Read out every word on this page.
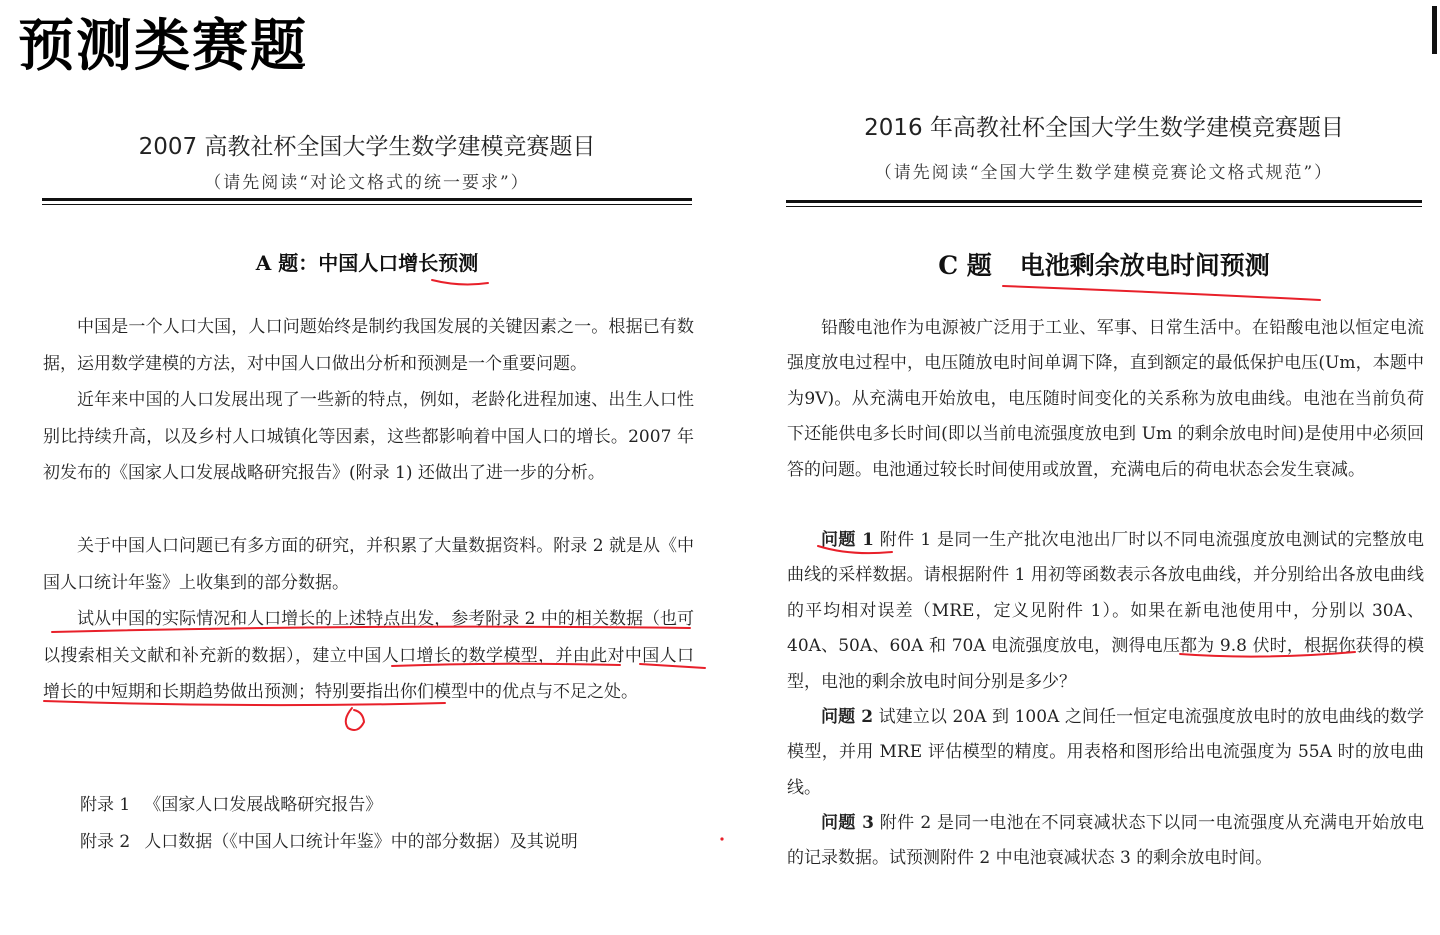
预测类赛题
2007 高教社杯全国大学生数学建模竞赛题目
（请先阅读“对论文格式的统一要求”）
A 题：中国人口增长预测

中国是一个人口大国，人口问题始终是制约我国发展的关键因素之一。根据已有数据，运用数学建模的方法，对中国人口做出分析和预测是一个重要问题。

近年来中国的人口发展出现了一些新的特点，例如，老龄化进程加速、出生人口性别比持续升高，以及乡村人口城镇化等因素，这些都影响着中国人口的增长。2007 年初发布的《国家人口发展战略研究报告》(附录 1) 还做出了进一步的分析。

关于中国人口问题已有多方面的研究，并积累了大量数据资料。附录 2 就是从《中国人口统计年鉴》上收集到的部分数据。

试从中国的实际情况和人口增长的上述特点出发，参考附录 2 中的相关数据（也可以搜索相关文献和补充新的数据），建立中国人口增长的数学模型，并由此对中国人口增长的中短期和长期趋势做出预测；特别要指出你们模型中的优点与不足之处。

附录 1 《国家人口发展战略研究报告》
附录 2 人口数据（《中国人口统计年鉴》中的部分数据）及其说明
2016 年高教社杯全国大学生数学建模竞赛题目
（请先阅读“全国大学生数学建模竞赛论文格式规范”）
C 题 电池剩余放电时间预测

铅酸电池作为电源被广泛用于工业、军事、日常生活中。在铅酸电池以恒定电流强度放电过程中，电压随放电时间单调下降，直到额定的最低保护电压(Um，本题中为9V)。从充满电开始放电，电压随时间变化的关系称为放电曲线。电池在当前负荷下还能供电多长时间(即以当前电流强度放电到 Um 的剩余放电时间)是使用中必须回答的问题。电池通过较长时间使用或放置，充满电后的荷电状态会发生衰减。

问题 1 附件 1 是同一生产批次电池出厂时以不同电流强度放电测试的完整放电曲线的采样数据。请根据附件 1 用初等函数表示各放电曲线，并分别给出各放电曲线的平均相对误差（MRE，定义见附件 1）。如果在新电池使用中，分别以 30A、40A、50A、60A 和 70A 电流强度放电，测得电压都为 9.8 伏时，根据你获得的模型，电池的剩余放电时间分别是多少？

问题 2 试建立以 20A 到 100A 之间任一恒定电流强度放电时的放电曲线的数学模型，并用 MRE 评估模型的精度。用表格和图形给出电流强度为 55A 时的放电曲线。

问题 3 附件 2 是同一电池在不同衰减状态下以同一电流强度从充满电开始放电的记录数据。试预测附件 2 中电池衰减状态 3 的剩余放电时间。
